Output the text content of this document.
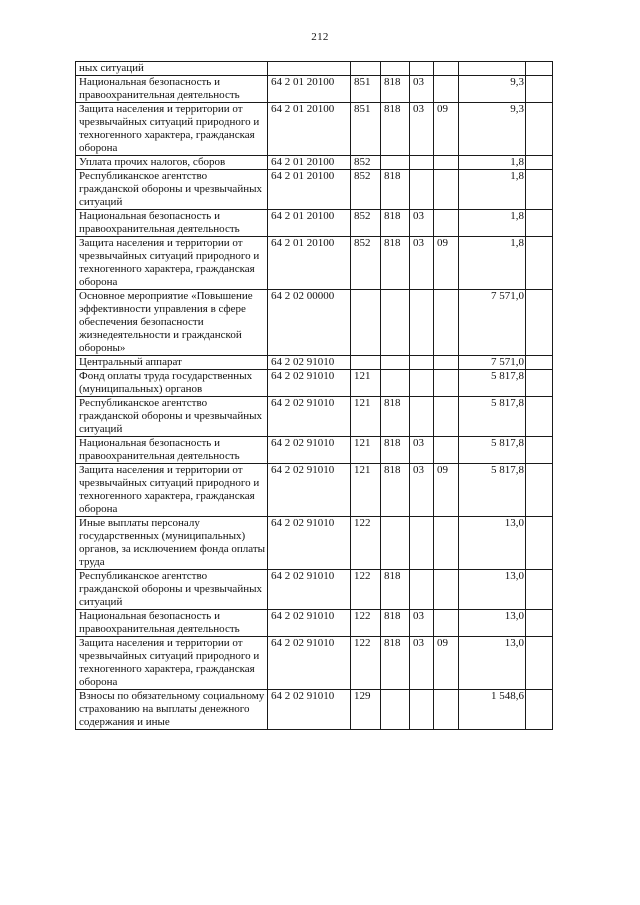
212
ных ситуаций							
Национальная безопасность и правоохранительная деятельность	64 2 01 20100	851	818	03		9,3	
Защита населения и территории от чрезвычайных ситуаций природного и техногенного характера, гражданская оборона	64 2 01 20100	851	818	03	09	9,3	
Уплата прочих налогов, сборов	64 2 01 20100	852				1,8	
Республиканское агентство гражданской обороны и чрезвычайных ситуаций	64 2 01 20100	852	818			1,8	
Национальная безопасность и правоохранительная деятельность	64 2 01 20100	852	818	03		1,8	
Защита населения и территории от чрезвычайных ситуаций природного и техногенного характера, гражданская оборона	64 2 01 20100	852	818	03	09	1,8	
Основное мероприятие «Повышение эффективности управления в сфере обеспечения безопасности жизнедеятельности и гражданской обороны»	64 2 02 00000					7 571,0	
Центральный аппарат	64 2 02 91010					7 571,0	
Фонд оплаты труда государственных (муниципальных) органов	64 2 02 91010	121				5 817,8	
Республиканское агентство гражданской обороны и чрезвычайных ситуаций	64 2 02 91010	121	818			5 817,8	
Национальная безопасность и правоохранительная деятельность	64 2 02 91010	121	818	03		5 817,8	
Защита населения и территории от чрезвычайных ситуаций природного и техногенного характера, гражданская оборона	64 2 02 91010	121	818	03	09	5 817,8	
Иные выплаты персоналу государственных (муниципальных) органов, за исключением фонда оплаты труда	64 2 02 91010	122				13,0	
Республиканское агентство гражданской обороны и чрезвычайных ситуаций	64 2 02 91010	122	818			13,0	
Национальная безопасность и правоохранительная деятельность	64 2 02 91010	122	818	03		13,0	
Защита населения и территории от чрезвычайных ситуаций природного и техногенного характера, гражданская оборона	64 2 02 91010	122	818	03	09	13,0	
Взносы по обязательному социальному страхованию на выплаты денежного содержания и иные	64 2 02 91010	129				1 548,6	
